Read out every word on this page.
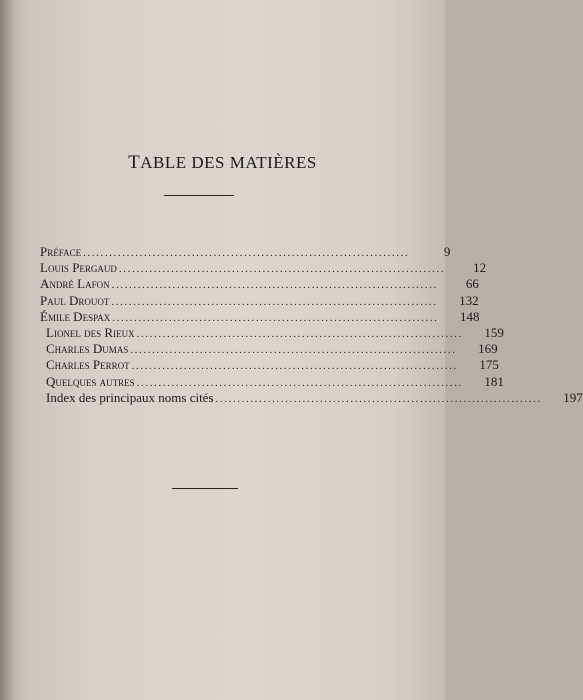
TABLE DES MATIÈRES
Préface ...........................................................................	9
Louis Pergaud ...........................................................................	12
André Lafon ...........................................................................	66
Paul Drouot ...........................................................................	132
Émile Despax ...........................................................................	148
Lionel des Rieux ...........................................................................	159
Charles Dumas ...........................................................................	169
Charles Perrot ...........................................................................	175
Quelques autres ...........................................................................	181
Index des principaux noms cités ...........................................................................	197
